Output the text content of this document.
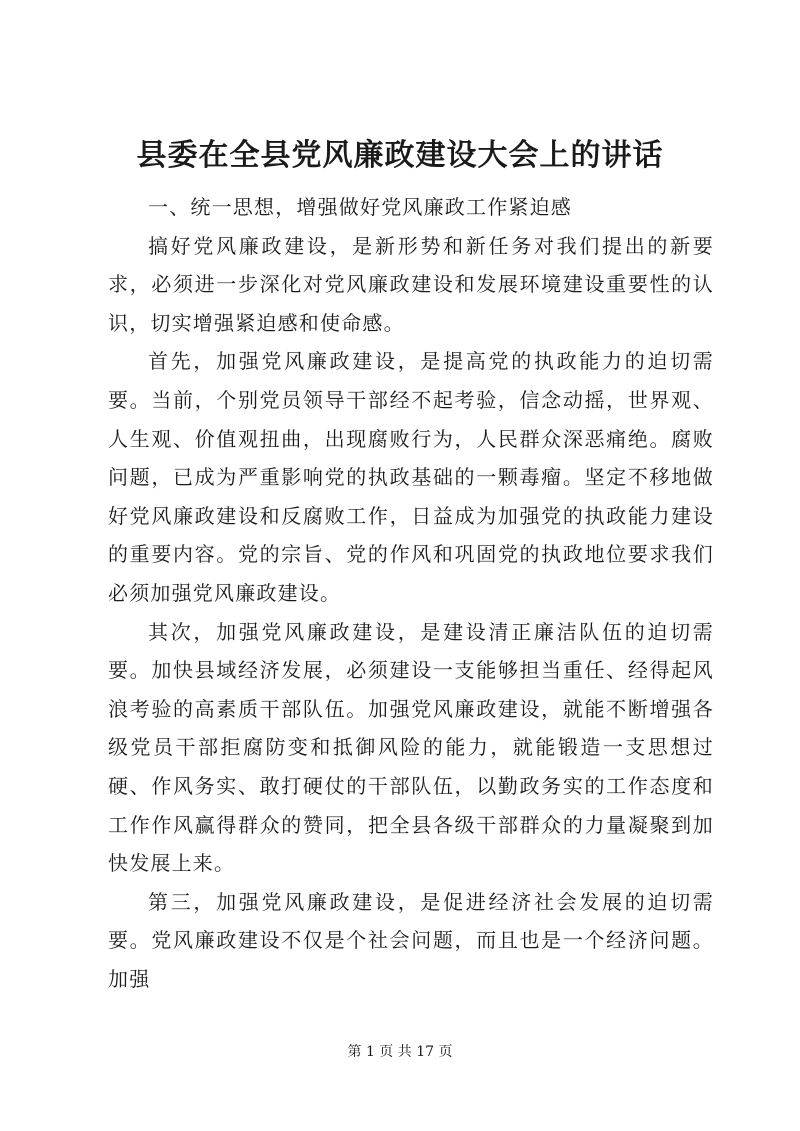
县委在全县党风廉政建设大会上的讲话

一、统一思想，增强做好党风廉政工作紧迫感

搞好党风廉政建设，是新形势和新任务对我们提出的新要求，必须进一步深化对党风廉政建设和发展环境建设重要性的认识，切实增强紧迫感和使命感。

首先，加强党风廉政建设，是提高党的执政能力的迫切需要。当前，个别党员领导干部经不起考验，信念动摇，世界观、人生观、价值观扭曲，出现腐败行为，人民群众深恶痛绝。腐败问题，已成为严重影响党的执政基础的一颗毒瘤。坚定不移地做好党风廉政建设和反腐败工作，日益成为加强党的执政能力建设的重要内容。党的宗旨、党的作风和巩固党的执政地位要求我们必须加强党风廉政建设。

其次，加强党风廉政建设，是建设清正廉洁队伍的迫切需要。加快县域经济发展，必须建设一支能够担当重任、经得起风浪考验的高素质干部队伍。加强党风廉政建设，就能不断增强各级党员干部拒腐防变和抵御风险的能力，就能锻造一支思想过硬、作风务实、敢打硬仗的干部队伍，以勤政务实的工作态度和工作作风赢得群众的赞同，把全县各级干部群众的力量凝聚到加快发展上来。

第三，加强党风廉政建设，是促进经济社会发展的迫切需要。党风廉政建设不仅是个社会问题，而且也是一个经济问题。加强

第 1 页 共 17 页
